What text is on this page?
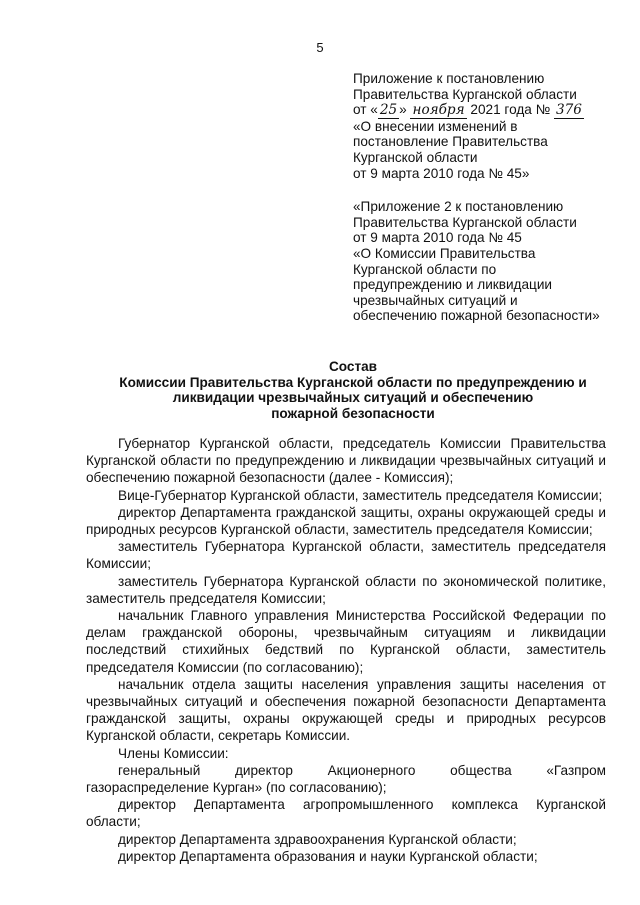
5
Приложение к постановлению
Правительства Курганской области
от « 25 » ноября 2021 года № 376
«О внесении изменений в
постановление Правительства
Курганской области
от 9 марта 2010 года № 45»
«Приложение 2 к постановлению
Правительства Курганской области
от 9 марта 2010 года № 45
«О Комиссии Правительства
Курганской области по
предупреждению и ликвидации
чрезвычайных ситуаций и
обеспечению пожарной безопасности»
Состав
Комиссии Правительства Курганской области по предупреждению и
ликвидации чрезвычайных ситуаций и обеспечению
пожарной безопасности

Губернатор Курганской области, председатель Комиссии Правительства Курганской области по предупреждению и ликвидации чрезвычайных ситуаций и обеспечению пожарной безопасности (далее - Комиссия);

Вице-Губернатор Курганской области, заместитель председателя Комиссии;

директор Департамента гражданской защиты, охраны окружающей среды и природных ресурсов Курганской области, заместитель председателя Комиссии;

заместитель Губернатора Курганской области, заместитель председателя Комиссии;

заместитель Губернатора Курганской области по экономической политике, заместитель председателя Комиссии;

начальник Главного управления Министерства Российской Федерации по делам гражданской обороны, чрезвычайным ситуациям и ликвидации последствий стихийных бедствий по Курганской области, заместитель председателя Комиссии (по согласованию);

начальник отдела защиты населения управления защиты населения от чрезвычайных ситуаций и обеспечения пожарной безопасности Департамента гражданской защиты, охраны окружающей среды и природных ресурсов Курганской области, секретарь Комиссии.

Члены Комиссии:

генеральный директор Акционерного общества «Газпром газораспределение Курган» (по согласованию);

директор Департамента агропромышленного комплекса Курганской области;

директор Департамента здравоохранения Курганской области;

директор Департамента образования и науки Курганской области;
